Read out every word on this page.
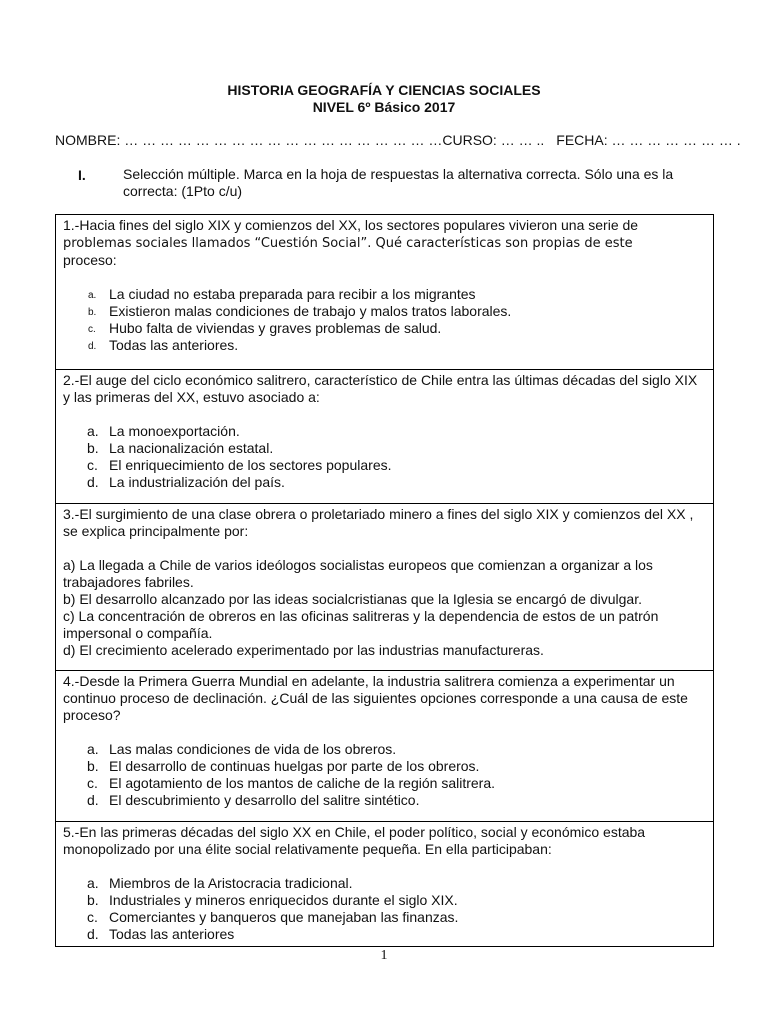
HISTORIA GEOGRAFÍA Y CIENCIAS SOCIALES
NIVEL 6º Básico 2017
NOMBRE: … … … … … … … … … … … … … … … … … …CURSO: … … .. FECHA: … … … … … … … .
I.	Selección múltiple. Marca en la hoja de respuestas la alternativa correcta. Sólo una es la correcta: (1Pto c/u)
1.-Hacia fines del siglo XIX y comienzos del XX, los sectores populares vivieron una serie de
problemas sociales llamados “Cuestión Social”. Qué características son propias de este
proceso:
a. La ciudad no estaba preparada para recibir a los migrantes
b. Existieron malas condiciones de trabajo y malos tratos laborales.
c. Hubo falta de viviendas y graves problemas de salud.
d. Todas las anteriores.

2.-El auge del ciclo económico salitrero, característico de Chile entra las últimas décadas del siglo XIX y las primeras del XX, estuvo asociado a:
a. La monoexportación.
b. La nacionalización estatal.
c. El enriquecimiento de los sectores populares.
d. La industrialización del país.

3.-El surgimiento de una clase obrera o proletariado minero a fines del siglo XIX y comienzos del XX , se explica principalmente por:

a) La llegada a Chile de varios ideólogos socialistas europeos que comienzan a organizar a los trabajadores fabriles.

b) El desarrollo alcanzado por las ideas socialcristianas que la Iglesia se encargó de divulgar.

c) La concentración de obreros en las oficinas salitreras y la dependencia de estos de un patrón impersonal o compañía.

d) El crecimiento acelerado experimentado por las industrias manufactureras.

4.-Desde la Primera Guerra Mundial en adelante, la industria salitrera comienza a experimentar un continuo proceso de declinación. ¿Cuál de las siguientes opciones corresponde a una causa de este proceso?
a. Las malas condiciones de vida de los obreros.
b. El desarrollo de continuas huelgas por parte de los obreros.
c. El agotamiento de los mantos de caliche de la región salitrera.
d. El descubrimiento y desarrollo del salitre sintético.

5.-En las primeras décadas del siglo XX en Chile, el poder político, social y económico estaba monopolizado por una élite social relativamente pequeña. En ella participaban:
a. Miembros de la Aristocracia tradicional.
b. Industriales y mineros enriquecidos durante el siglo XIX.
c. Comerciantes y banqueros que manejaban las finanzas.
d. Todas las anteriores
1
